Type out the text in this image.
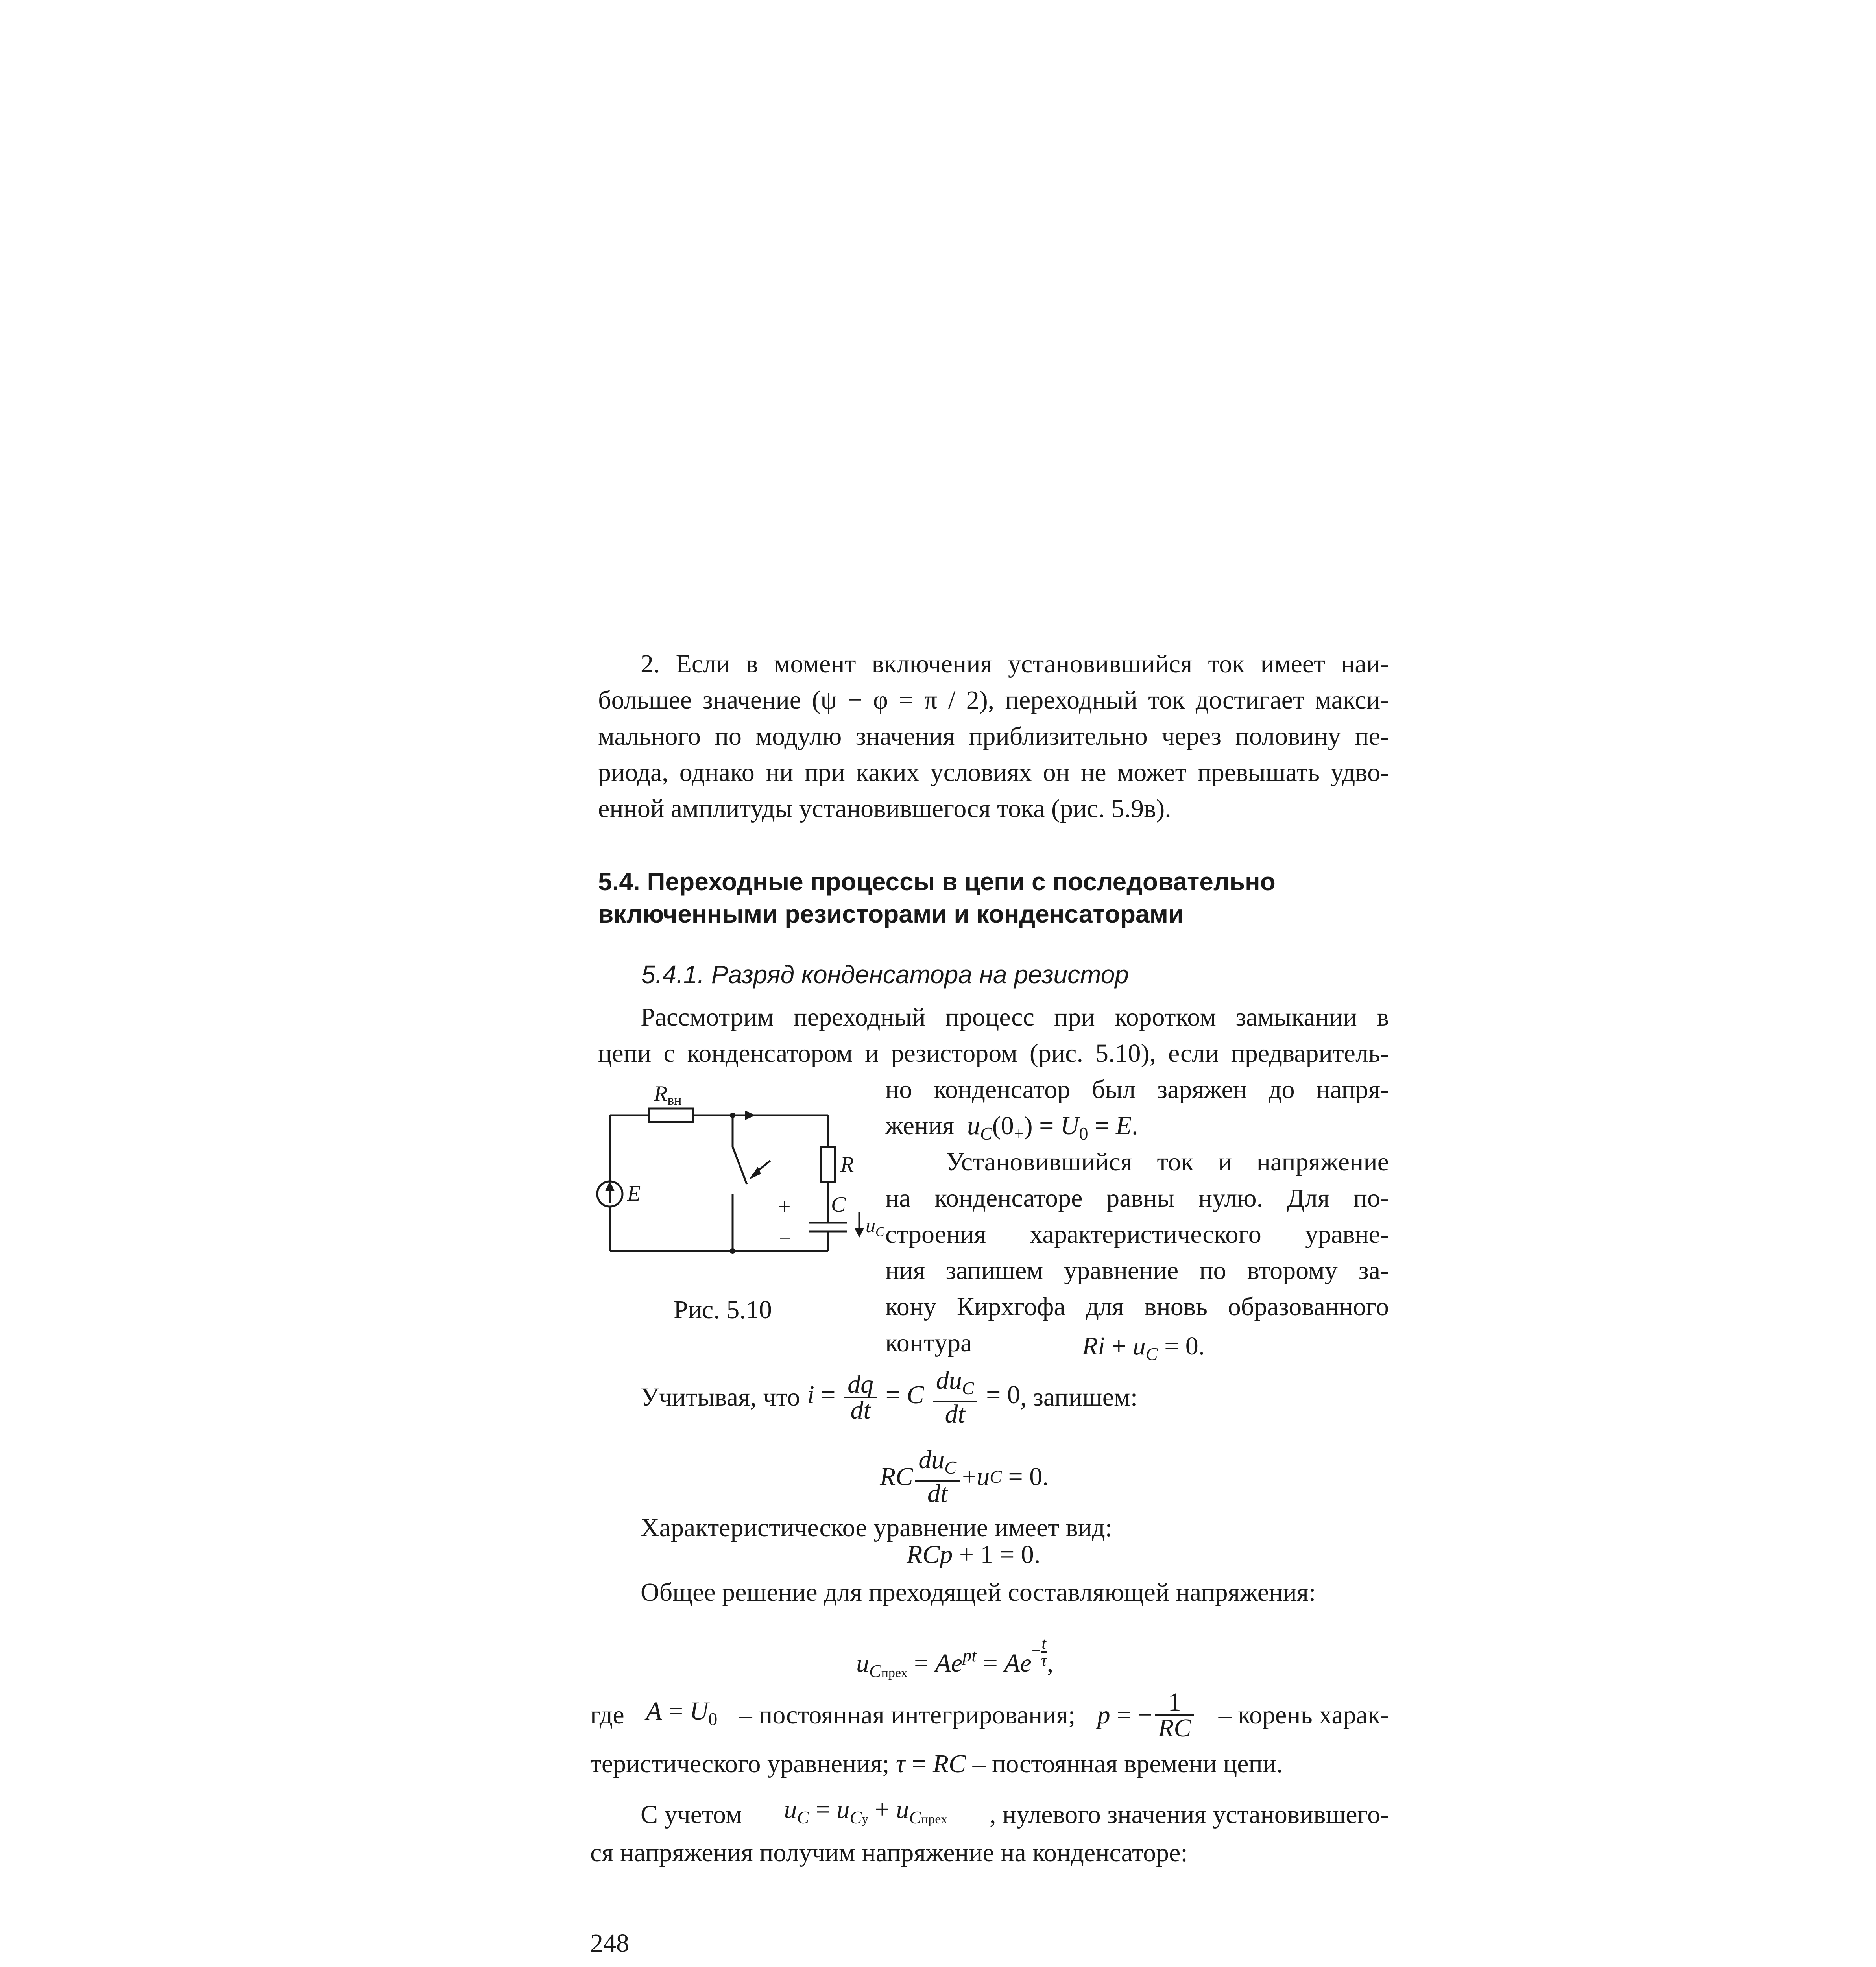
2. Если в момент включения установившийся ток имеет наи-
большее значение (ψ − φ = π / 2), переходный ток достигает макси-
мального по модулю значения приблизительно через половину пе-
риода, однако ни при каких условиях он не может превышать удво-
енной амплитуды установившегося тока (рис. 5.9в).
5.4. Переходные процессы в цепи с последовательно
включенными резисторами и конденсаторами
5.4.1. Разряд конденсатора на резистор
Рассмотрим переходный процесс при коротком замыкании в
цепи с конденсатором и резистором (рис. 5.10), если предваритель-
но конденсатор был заряжен до напря-
жения $u_C(0_+) = U_0 = E$.
Установившийся ток и напряжение
на конденсаторе равны нулю. Для по-
строения характеристического уравне-
ния запишем уравнение по второму за-
кону Кирхгофа для вновь образованного
контура
Rвн
R
E	C
$u_C$
+
−
Рис. 5.10
$Ri + u_C = 0$.
Учитывая, что $i = \frac{dq}{dt} = C \frac{du_C}{dt} = 0$ , запишем:
RC $\frac{du_C}{dt} + u$ C = 0.
Характеристическое уравнение имеет вид:
RCp + 1 = 0.
Общее решение для преходящей составляющей напряжения:
$u_{Cпрех} = Ae^{pt} = Ae^{- \frac{t}{\tau}}$ ,
где $A = U_0$ – постоянная интегрирования; p = − $\frac{1}{RC}$ – корень харак-
теристического уравнения; τ = RC – постоянная времени цепи.
С учетом $u_C = u_{Cу} + u_{Cпрех}$ , нулевого значения установившего-
ся напряжения получим напряжение на конденсаторе:
248
